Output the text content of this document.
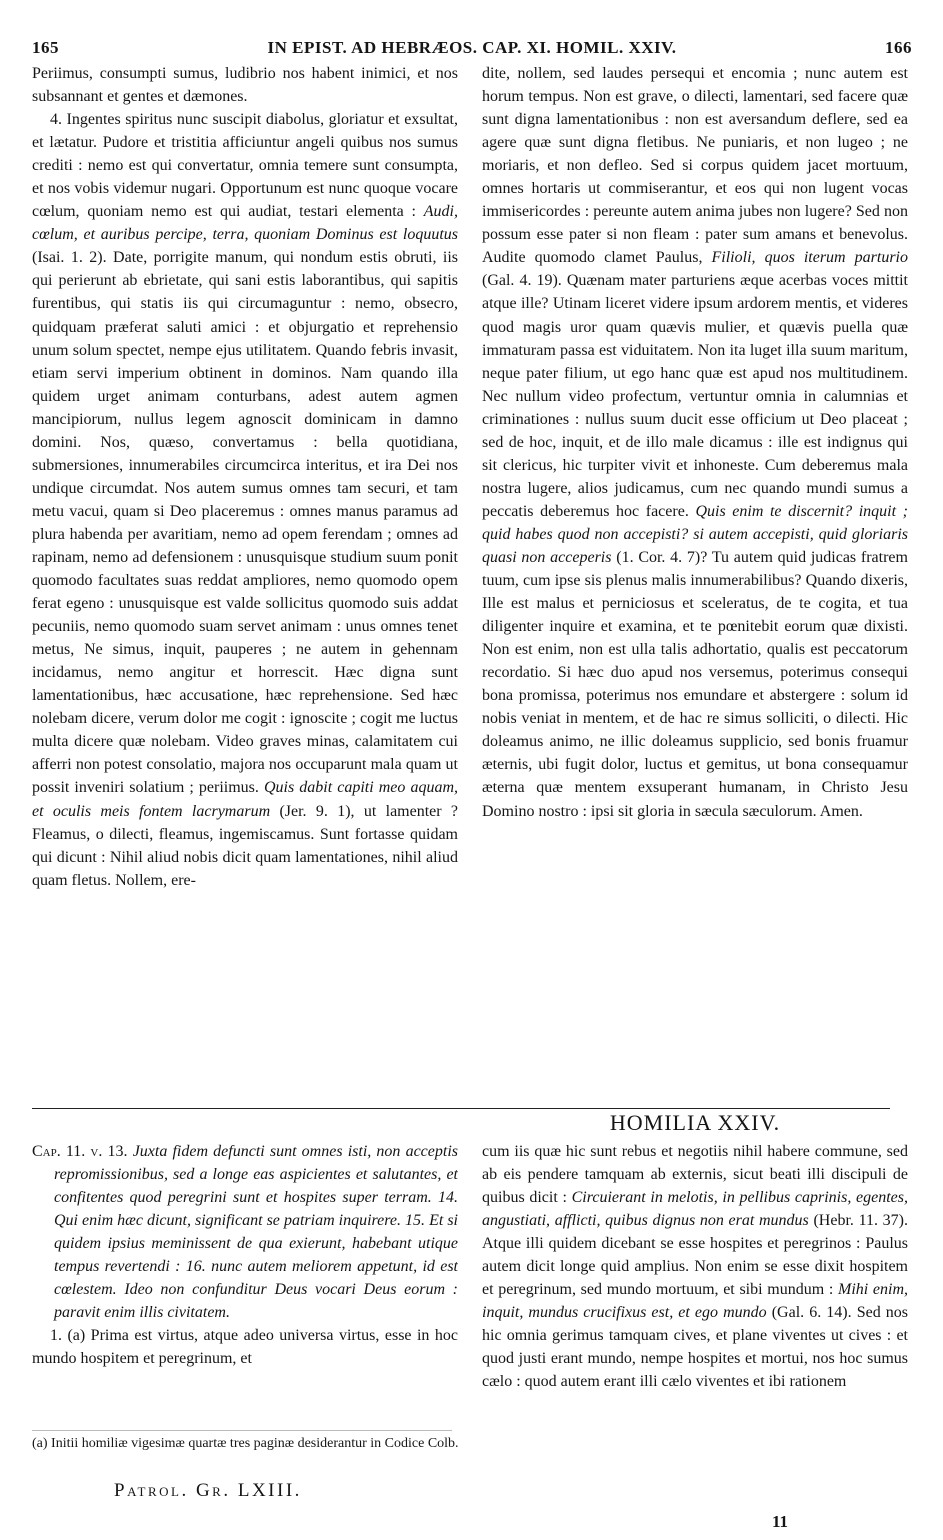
165	IN EPIST. AD HEBRÆOS. CAP. XI. HOMIL. XXIV.	166

Periimus, consumpti sumus, ludibrio nos habent inimici, et nos subsannant et gentes et dæmones.

4. Ingentes spiritus nunc suscipit diabolus, gloriatur et exsultat, et lætatur. Pudore et tristitia afficiuntur angeli quibus nos sumus crediti : nemo est qui convertatur, omnia temere sunt consumpta, et nos vobis videmur nugari. Opportunum est nunc quoque vocare cœlum, quoniam nemo est qui audiat, testari elementa : Audi, cœlum, et auribus percipe, terra, quoniam Dominus est loquutus (Isai. 1. 2). Date, porrigite manum, qui nondum estis obruti, iis qui perierunt ab ebrietate, qui sani estis laborantibus, qui sapitis furentibus, qui statis iis qui circumaguntur : nemo, obsecro, quidquam præferat saluti amici : et objurgatio et reprehensio unum solum spectet, nempe ejus utilitatem. Quando febris invasit, etiam servi imperium obtinent in dominos. Nam quando illa quidem urget animam conturbans, adest autem agmen mancipiorum, nullus legem agnoscit dominicam in damno domini. Nos, quæso, convertamus : bella quotidiana, submersiones, innumerabiles circumcirca interitus, et ira Dei nos undique circumdat. Nos autem sumus omnes tam securi, et tam metu vacui, quam si Deo placeremus : omnes manus paramus ad plura habenda per avaritiam, nemo ad opem ferendam ; omnes ad rapinam, nemo ad defensionem : unusquisque studium suum ponit quomodo facultates suas reddat ampliores, nemo quomodo opem ferat egeno : unusquisque est valde sollicitus quomodo suis addat pecuniis, nemo quomodo suam servet animam : unus omnes tenet metus, Ne simus, inquit, pauperes ; ne autem in gehennam incidamus, nemo angitur et horrescit. Hæc digna sunt lamentationibus, hæc accusatione, hæc reprehensione. Sed hæc nolebam dicere, verum dolor me cogit : ignoscite ; cogit me luctus multa dicere quæ nolebam. Video graves minas, calamitatem cui afferri non potest consolatio, majora nos occuparunt mala quam ut possit inveniri solatium ; periimus. Quis dabit capiti meo aquam, et oculis meis fontem lacrymarum (Jer. 9. 1), ut lamenter ? Fleamus, o dilecti, fleamus, ingemiscamus. Sunt fortasse quidam qui dicunt : Nihil aliud nobis dicit quam lamentationes, nihil aliud quam fletus. Nollem, ere-

dite, nollem, sed laudes persequi et encomia ; nunc autem est horum tempus. Non est grave, o dilecti, lamentari, sed facere quæ sunt digna lamentationibus : non est aversandum deflere, sed ea agere quæ sunt digna fletibus. Ne puniaris, et non lugeo ; ne moriaris, et non defleo. Sed si corpus quidem jacet mortuum, omnes hortaris ut commiserantur, et eos qui non lugent vocas immisericordes : pereunte autem anima jubes non lugere? Sed non possum esse pater si non fleam : pater sum amans et benevolus. Audite quomodo clamet Paulus, Filioli, quos iterum parturio (Gal. 4. 19). Quænam mater parturiens æque acerbas voces mittit atque ille? Utinam liceret videre ipsum ardorem mentis, et videres quod magis uror quam quævis mulier, et quævis puella quæ immaturam passa est viduitatem. Non ita luget illa suum maritum, neque pater filium, ut ego hanc quæ est apud nos multitudinem. Nec nullum video profectum, vertuntur omnia in calumnias et criminationes : nullus suum ducit esse officium ut Deo placeat ; sed de hoc, inquit, et de illo male dicamus : ille est indignus qui sit clericus, hic turpiter vivit et inhoneste. Cum deberemus mala nostra lugere, alios judicamus, cum nec quando mundi sumus a peccatis deberemus hoc facere. Quis enim te discernit? inquit ; quid habes quod non accepisti? si autem accepisti, quid gloriaris quasi non acceperis (1. Cor. 4. 7)? Tu autem quid judicas fratrem tuum, cum ipse sis plenus malis innumerabilibus? Quando dixeris, Ille est malus et perniciosus et sceleratus, de te cogita, et tua diligenter inquire et examina, et te pœnitebit eorum quæ dixisti. Non est enim, non est ulla talis adhortatio, qualis est peccatorum recordatio. Si hæc duo apud nos versemus, poterimus consequi bona promissa, poterimus nos emundare et abstergere : solum id nobis veniat in mentem, et de hac re simus solliciti, o dilecti. Hic doleamus animo, ne illic doleamus supplicio, sed bonis fruamur æternis, ubi fugit dolor, luctus et gemitus, ut bona consequamur æterna quæ mentem exsuperant humanam, in Christo Jesu Domino nostro : ipsi sit gloria in sæcula sæculorum. Amen.

HOMILIA XXIV.

Cap. 11. v. 13. Juxta fidem defuncti sunt omnes isti, non acceptis repromissionibus, sed a longe eas aspicientes et salutantes, et confitentes quod peregrini sunt et hospites super terram. 14. Qui enim hæc dicunt, significant se patriam inquirere. 15. Et si quidem ipsius meminissent de qua exierunt, habebant utique tempus revertendi : 16. nunc autem meliorem appetunt, id est cœlestem. Ideo non confunditur Deus vocari Deus eorum : paravit enim illis civitatem.

1. (a) Prima est virtus, atque adeo universa virtus, esse in hoc mundo hospitem et peregrinum, et

cum iis quæ hic sunt rebus et negotiis nihil habere commune, sed ab eis pendere tamquam ab externis, sicut beati illi discipuli de quibus dicit : Circuierant in melotis, in pellibus caprinis, egentes, angustiati, afflicti, quibus dignus non erat mundus (Hebr. 11. 37). Atque illi quidem dicebant se esse hospites et peregrinos : Paulus autem dicit longe quid amplius. Non enim se esse dixit hospitem et peregrinum, sed mundo mortuum, et sibi mundum : Mihi enim, inquit, mundus crucifixus est, et ego mundo (Gal. 6. 14). Sed nos hic omnia gerimus tamquam cives, et plane viventes ut cives : et quod justi erant mundo, nempe hospites et mortui, nos hoc sumus cælo : quod autem erant illi cælo viventes et ibi rationem

(a) Initii homiliæ vigesimæ quartæ tres paginæ desiderantur in Codice Colb.
Patrol. Gr. LXIII.
11
